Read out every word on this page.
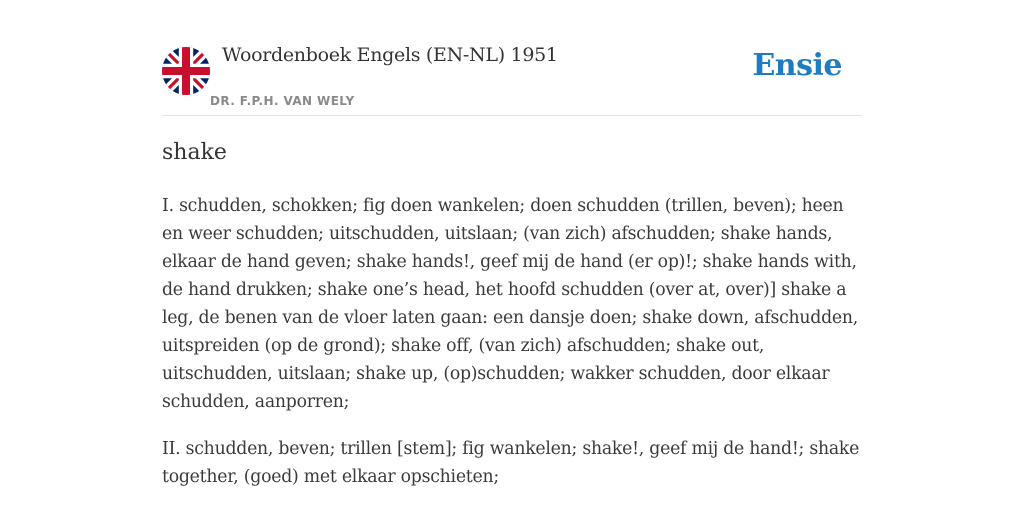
Woordenboek Engels (EN-NL) 1951
DR. F.P.H. VAN WELY
Ensie
shake

I. schudden, schokken; fig doen wankelen; doen schudden (trillen, beven); heen en weer schudden; uitschudden, uitslaan; (van zich) afschudden; shake hands, elkaar de hand geven; shake hands!, geef mij de hand (er op)!; shake hands with, de hand drukken; shake one’s head, het hoofd schudden (over at, over)] shake a leg, de benen van de vloer laten gaan: een dansje doen; shake down, afschudden, uitspreiden (op de grond); shake off, (van zich) afschudden; shake out, uitschudden, uitslaan; shake up, (op)schudden; wakker schudden, door elkaar schudden, aanporren;

II. schudden, beven; trillen [stem]; fig wankelen; shake!, geef mij de hand!; shake together, (goed) met elkaar opschieten;
